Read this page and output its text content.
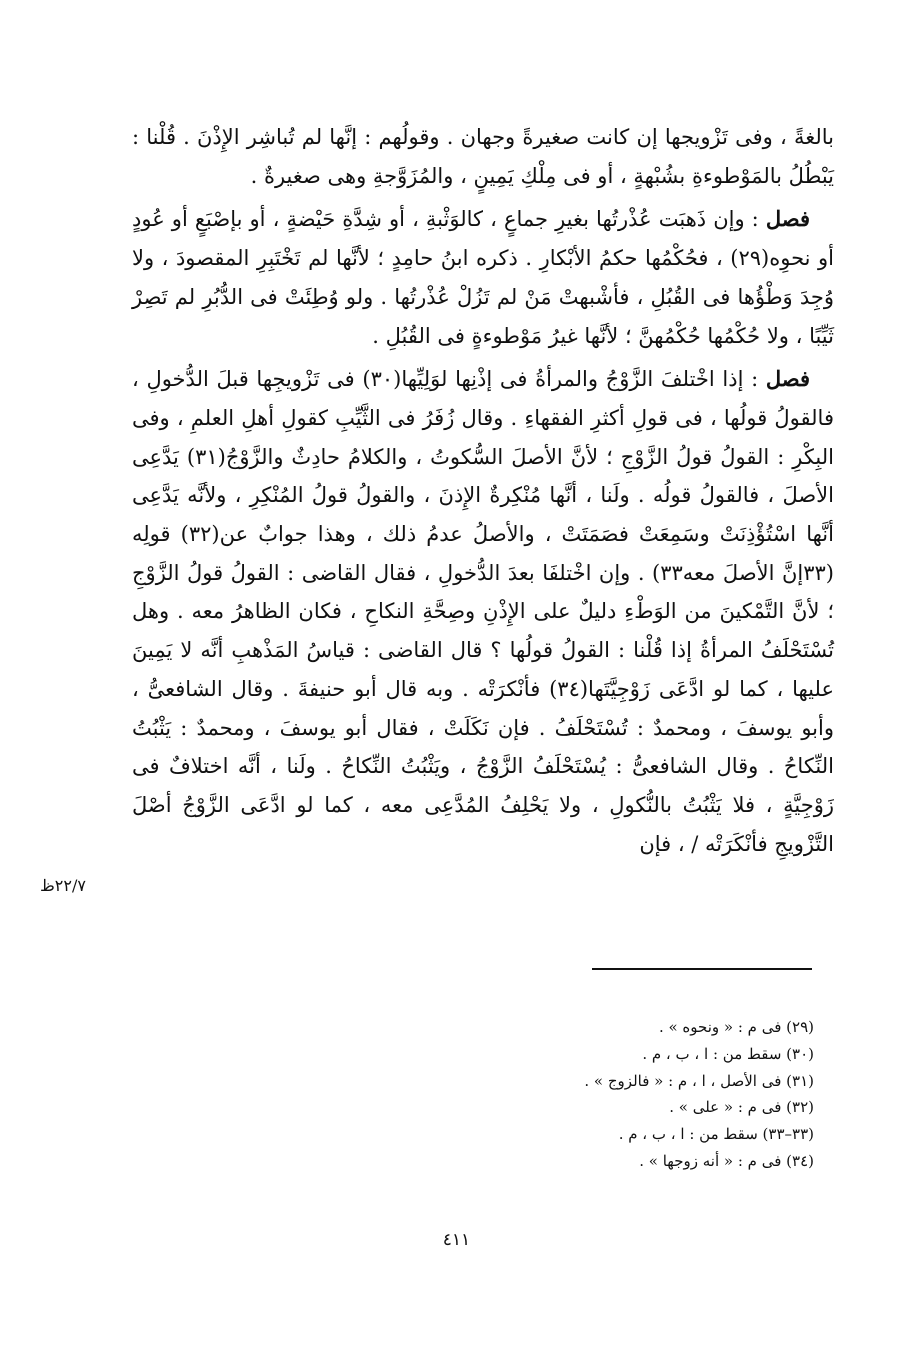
بالغةً ، وفى تَزْويجها إن كانت صغيرةً وجهان . وقولُهم : إنَّها لم تُباشِر الإِذْنَ . قُلْنا : يَبْطُلُ بالمَوْطوءةِ بشُبْهةٍ ، أو فى مِلْكِ يَمِينٍ ، والمُزَوَّجةِ وهى صغيرةٌ .

فصل : وإن ذَهبَت عُذْرتُها بغيرِ جماعٍ ، كالوَثْبةِ ، أو شِدَّةِ حَيْضةٍ ، أو بإصْبَعٍ أو عُودٍ أو نحوِه(٢٩) ، فحُكْمُها حكمُ الأبْكارِ . ذكره ابنُ حامِدٍ ؛ لأنَّها لم تَخْتَبِرِ المقصودَ ، ولا وُجِدَ وَطْؤُها فى القُبُلِ ، فأشْبهتْ مَنْ لم تَزُلْ عُذْرتُها . ولو وُطِئَتْ فى الدُّبُرِ لم تَصِرْ ثَيِّبًا ، ولا حُكْمُها حُكْمُهنَّ ؛ لأنَّها غيرُ مَوْطوءةٍ فى القُبُلِ .

فصل : إذا اخْتلفَ الزَّوْجُ والمرأةُ فى إذْنِها لوَلِيِّها(٣٠) فى تَزْويجِها قبلَ الدُّخولِ ، فالقولُ قولُها ، فى قولِ أكثرِ الفقهاءِ . وقال زُفَرُ فى الثَّيِّبِ كقولِ أهلِ العلمِ ، وفى البِكْرِ : القولُ قولُ الزَّوْجِ ؛ لأنَّ الأصلَ السُّكوتُ ، والكلامُ حادِثٌ والزَّوْجُ(٣١) يَدَّعِى الأصلَ ، فالقولُ قولُه . ولَنا ، أنَّها مُنْكِرةٌ الإِذنَ ، والقولُ قولُ المُنْكِرِ ، ولأنَّه يَدَّعِى أنَّها اسْتُؤْذِنَتْ وسَمِعَتْ فصَمَتَتْ ، والأصلُ عدمُ ذلك ، وهذا جوابٌ عن(٣٢) قولِه (٣٣إنَّ الأصلَ معه٣٣) . وإن اخْتلفَا بعدَ الدُّخولِ ، فقال القاضى : القولُ قولُ الزَّوْجِ ؛ لأنَّ التَّمْكينَ من الوَطْءِ دليلٌ على الإِذْنِ وصِحَّةِ النكاحِ ، فكان الظاهرُ معه . وهل تُسْتَحْلَفُ المرأةُ إذا قُلْنا : القولُ قولُها ؟ قال القاضى : قياسُ المَذْهبِ أنَّه لا يَمِينَ عليها ، كما لو ادَّعَى زَوْجِيَّتَها(٣٤) فأنْكرَتْه . وبه قال أبو حنيفةَ . وقال الشافعىُّ ، وأبو يوسفَ ، ومحمدٌ : تُسْتَحْلَفُ . فإن نَكَلَتْ ، فقال أبو يوسفَ ، ومحمدٌ : يَثْبُتُ النِّكاحُ . وقال الشافعىُّ : يُسْتَحْلَفُ الزَّوْجُ ، ويَثْبُتُ النِّكاحُ . ولَنا ، أنَّه اختلافٌ فى زَوْجِيَّةٍ ، فلا يَثْبُتُ بالنُّكولِ ، ولا يَحْلِفُ المُدَّعِى معه ، كما لو ادَّعَى الزَّوْجُ أصْلَ التَّزْويجِ فأنْكَرَتْه / ، فإن

٢٢/٧ظ

(٢٩) فى م : « ونحوه » .

(٣٠) سقط من : ا ، ب ، م .

(٣١) فى الأصل ، ا ، م : « فالزوج » .

(٣٢) فى م : « على » .

(٣٣–٣٣) سقط من : ا ، ب ، م .

(٣٤) فى م : « أنه زوجها » .

٤١١
